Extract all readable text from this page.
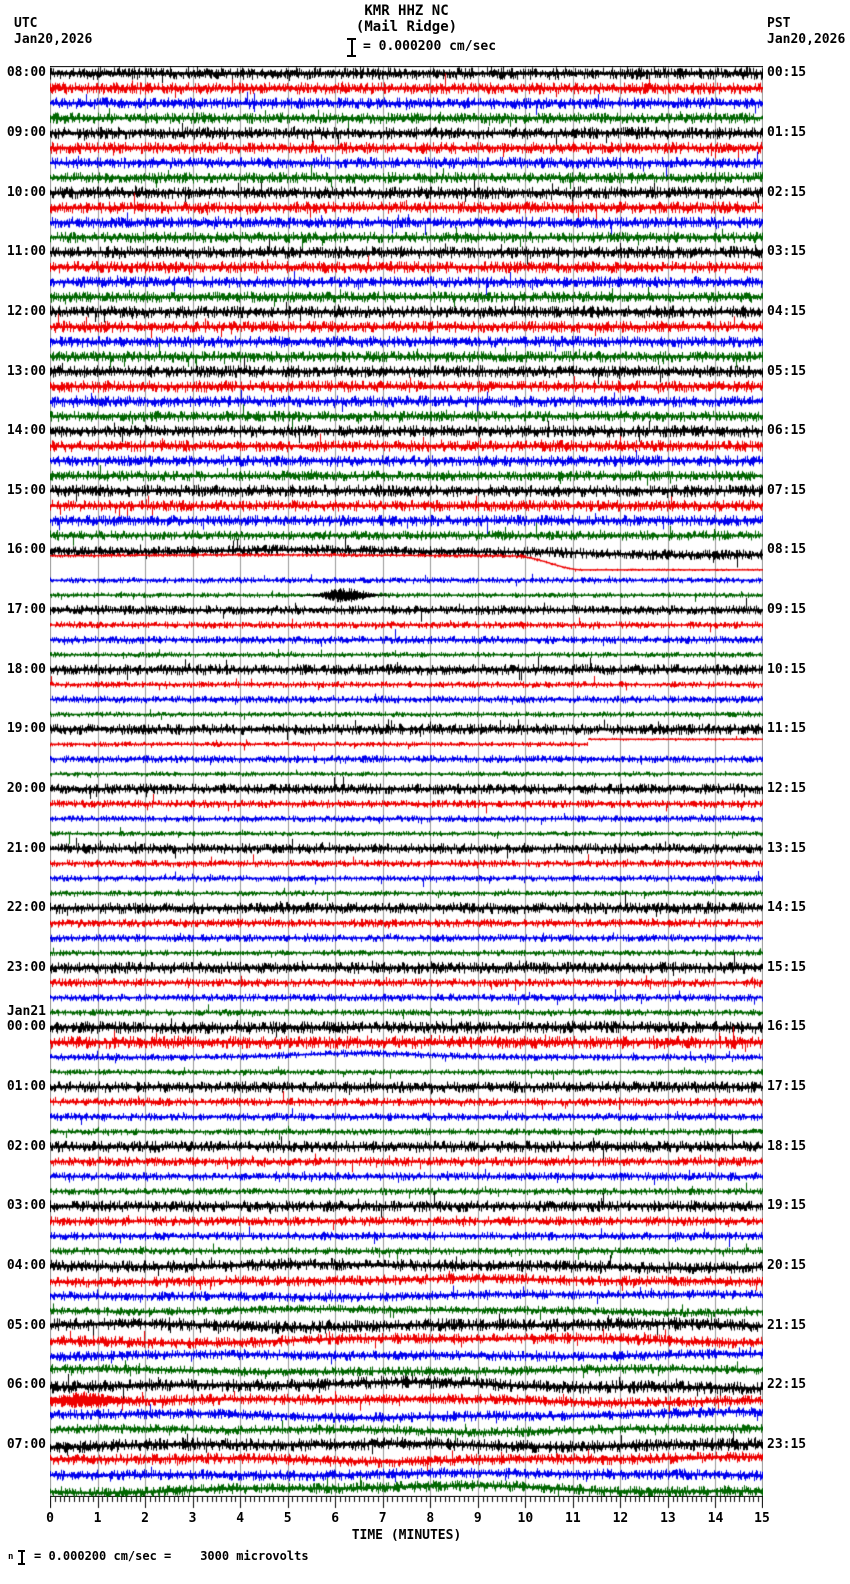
KMR HHZ NC
(Mail Ridge)
= 0.000200 cm/sec
UTC
Jan20,2026
PST
Jan20,2026
08:00
09:00
10:00
11:00
12:00
13:00
14:00
15:00
16:00
17:00
18:00
19:00
20:00
21:00
22:00
23:00
Jan21
00:00
01:00
02:00
03:00
04:00
05:00
06:00
07:00
00:15
01:15
02:15
03:15
04:15
05:15
06:15
07:15
08:15
09:15
10:15
11:15
12:15
13:15
14:15
15:15
16:15
17:15
18:15
19:15
20:15
21:15
22:15
23:15
0	1	2	3	4	5	6	7	8	9	10	11	12	13	14	15
TIME (MINUTES)
n = 0.000200 cm/sec = 3000 microvolts
